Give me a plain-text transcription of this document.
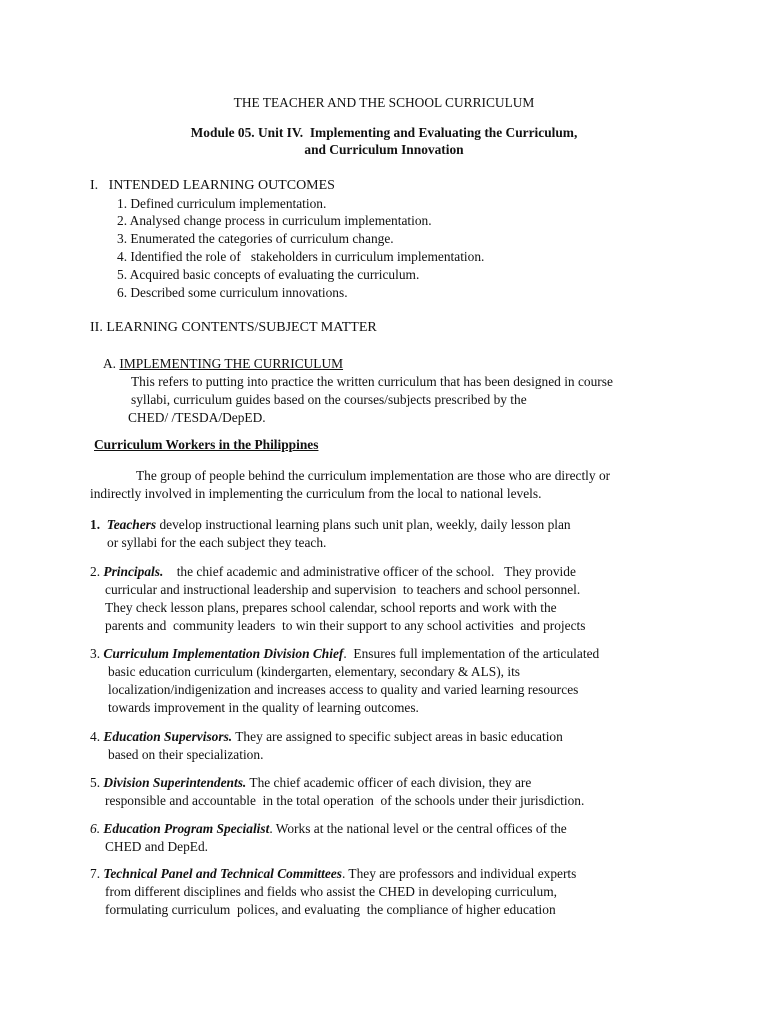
THE TEACHER AND THE SCHOOL CURRICULUM
Module 05. Unit IV.  Implementing and Evaluating the Curriculum,
and Curriculum Innovation
I.   INTENDED LEARNING OUTCOMES
1. Defined curriculum implementation.
2. Analysed change process in curriculum implementation.
3. Enumerated the categories of curriculum change.
4. Identified the role of   stakeholders in curriculum implementation.
5. Acquired basic concepts of evaluating the curriculum.
6. Described some curriculum innovations.
II. LEARNING CONTENTS/SUBJECT MATTER
A. IMPLEMENTING THE CURRICULUM
This refers to putting into practice the written curriculum that has been designed in course
syllabi, curriculum guides based on the courses/subjects prescribed by the
CHED/ /TESDA/DepED.
Curriculum Workers in the Philippines
The group of people behind the curriculum implementation are those who are directly or
indirectly involved in implementing the curriculum from the local to national levels.
1. Teachers develop instructional learning plans such unit plan, weekly, daily lesson plan
or syllabi for the each subject they teach.
2. Principals.    the chief academic and administrative officer of the school.   They provide
curricular and instructional leadership and supervision  to teachers and school personnel.
They check lesson plans, prepares school calendar, school reports and work with the
parents and  community leaders  to win their support to any school activities  and projects
3. Curriculum Implementation Division Chief.  Ensures full implementation of the articulated
basic education curriculum (kindergarten, elementary, secondary & ALS), its
localization/indigenization and increases access to quality and varied learning resources
towards improvement in the quality of learning outcomes.
4. Education Supervisors. They are assigned to specific subject areas in basic education
based on their specialization.
5. Division Superintendents. The chief academic officer of each division, they are
responsible and accountable  in the total operation  of the schools under their jurisdiction.
6. Education Program Specialist. Works at the national level or the central offices of the
CHED and DepEd.
7. Technical Panel and Technical Committees. They are professors and individual experts
from different disciplines and fields who assist the CHED in developing curriculum,
formulating curriculum  polices, and evaluating  the compliance of higher education
